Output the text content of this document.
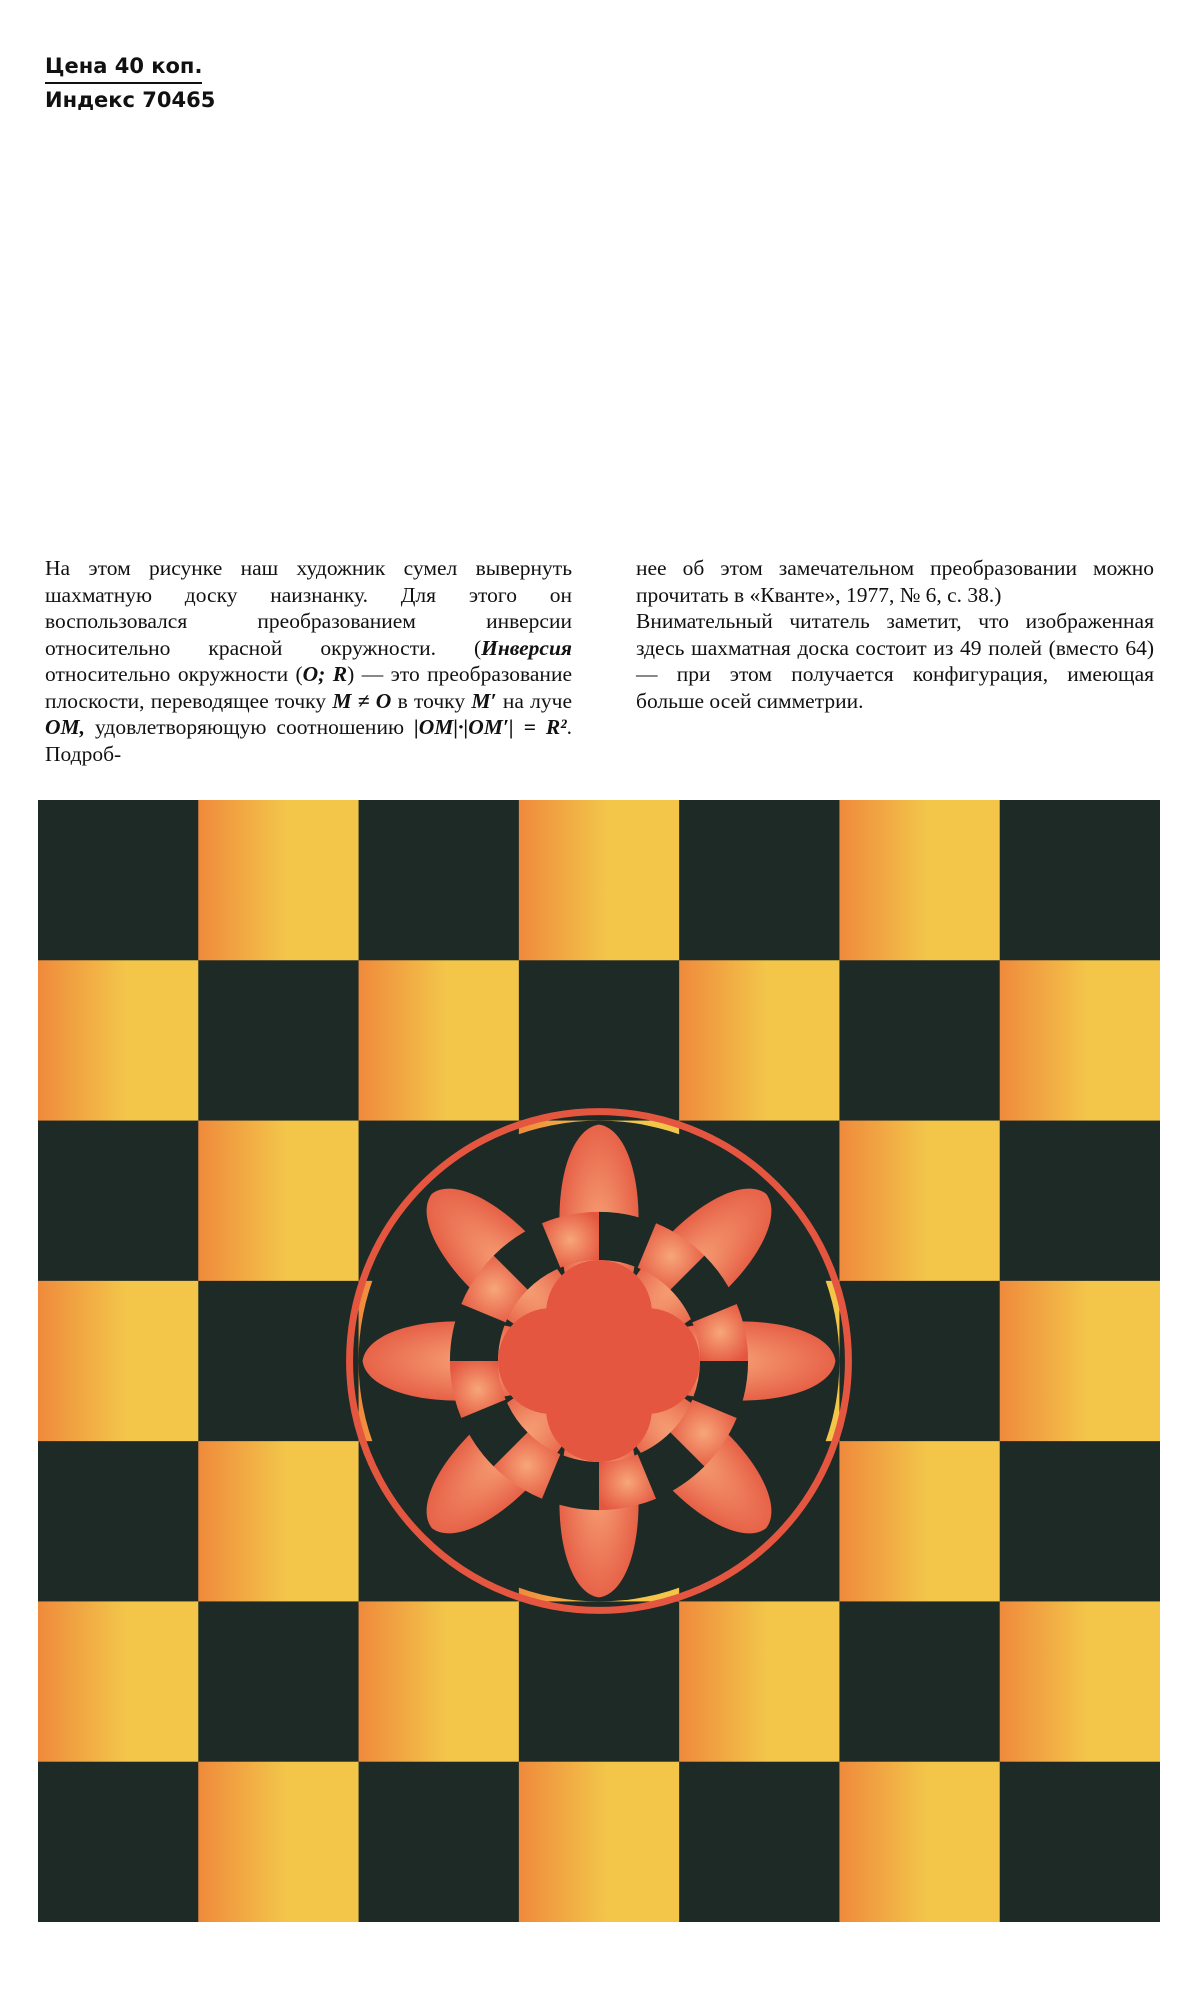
Цена 40 коп.
Индекс 70465

На этом рисунке наш художник сумел вывернуть шахматную доску наизнанку. Для этого он воспользовался преобразованием инверсии относительно красной окружности. (Инверсия относительно окружности (O; R) — это преобразование плоскости, переводящее точку M ≠ O в точку M′ на луче OM, удовлетворяющую соотношению |OM|·|OM′| = R². Подроб-

нее об этом замечательном преобразовании можно прочитать в «Кванте», 1977, № 6, с. 38.)

Внимательный читатель заметит, что изображенная здесь шахматная доска состоит из 49 полей (вместо 64) — при этом получается конфигурация, имеющая больше осей симметрии.
